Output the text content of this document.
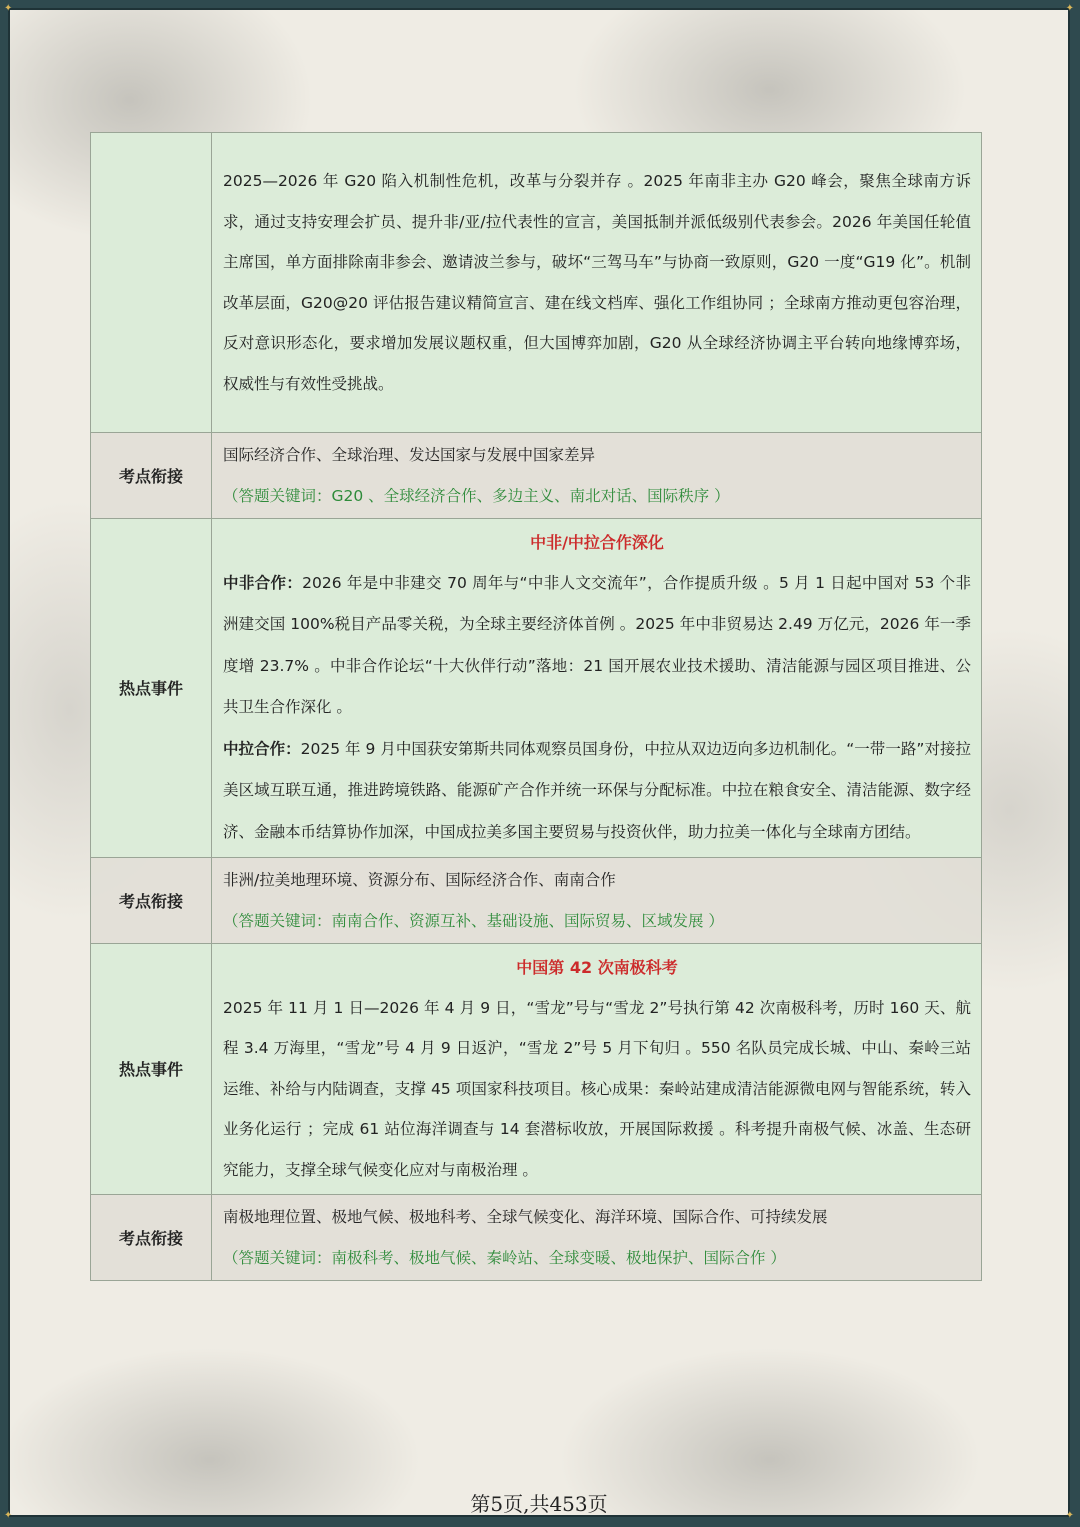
✦	✦
✦	✦
	2025—2026 年 G20 陷入机制性危机，改革与分裂并存 。2025 年南非主办 G20 峰会，聚焦全球南方诉求，通过支持安理会扩员、提升非/亚/拉代表性的宣言，美国抵制并派低级别代表参会。2026 年美国任轮值主席国，单方面排除南非参会、邀请波兰参与，破坏“三驾马车”与协商一致原则，G20 一度“G19 化”。机制改革层面，G20@20 评估报告建议精简宣言、建在线文档库、强化工作组协同 ；全球南方推动更包容治理，反对意识形态化，要求增加发展议题权重，但大国博弈加剧，G20 从全球经济协调主平台转向地缘博弈场，权威性与有效性受挑战。
考点衔接	国际经济合作、全球治理、发达国家与发展中国家差异
（答题关键词：G20 、全球经济合作、多边主义、南北对话、国际秩序 ）

热点事件	中非/中拉合作深化
中非合作：2026 年是中非建交 70 周年与“中非人文交流年”，合作提质升级 。5 月 1 日起中国对 53 个非洲建交国 100%税目产品零关税，为全球主要经济体首例 。2025 年中非贸易达 2.49 万亿元，2026 年一季度增 23.7% 。中非合作论坛“十大伙伴行动”落地：21 国开展农业技术援助、清洁能源与园区项目推进、公共卫生合作深化 。
中拉合作：2025 年 9 月中国获安第斯共同体观察员国身份，中拉从双边迈向多边机制化。“一带一路”对接拉美区域互联互通，推进跨境铁路、能源矿产合作并统一环保与分配标准。中拉在粮食安全、清洁能源、数字经济、金融本币结算协作加深，中国成拉美多国主要贸易与投资伙伴，助力拉美一体化与全球南方团结。

考点衔接	非洲/拉美地理环境、资源分布、国际经济合作、南南合作
（答题关键词：南南合作、资源互补、基础设施、国际贸易、区域发展 ）

热点事件	中国第 42 次南极科考
2025 年 11 月 1 日—2026 年 4 月 9 日，“雪龙”号与“雪龙 2”号执行第 42 次南极科考，历时 160 天、航程 3.4 万海里，“雪龙”号 4 月 9 日返沪，“雪龙 2”号 5 月下旬归 。550 名队员完成长城、中山、秦岭三站运维、补给与内陆调查，支撑 45 项国家科技项目。核心成果：秦岭站建成清洁能源微电网与智能系统，转入业务化运行 ；完成 61 站位海洋调查与 14 套潜标收放，开展国际救援 。科考提升南极气候、冰盖、生态研究能力，支撑全球气候变化应对与南极治理 。

考点衔接	南极地理位置、极地气候、极地科考、全球气候变化、海洋环境、国际合作、可持续发展
（答题关键词：南极科考、极地气候、秦岭站、全球变暖、极地保护、国际合作 ）
第5页,共453页
